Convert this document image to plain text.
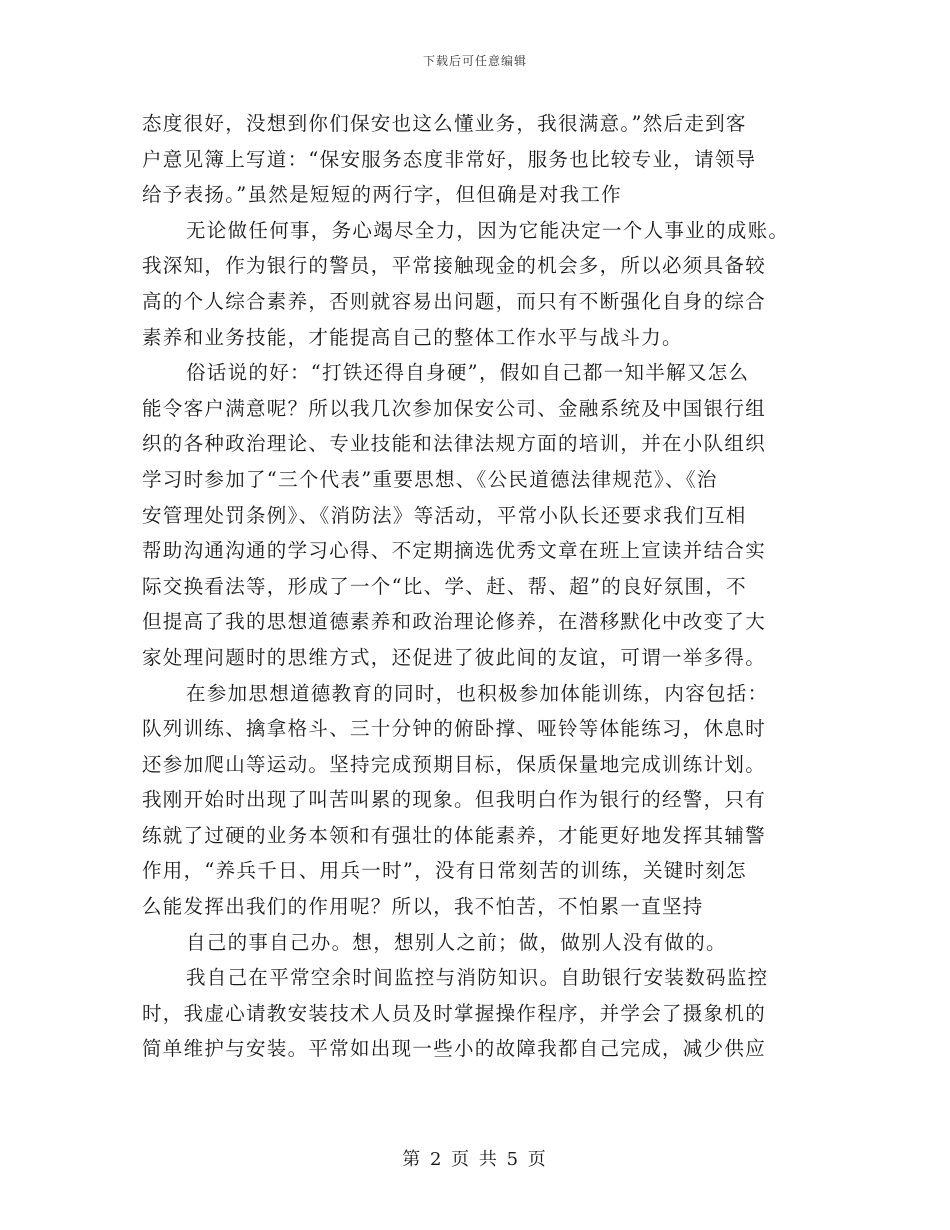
下载后可任意编辑
态度很好，没想到你们保安也这么懂业务，我很满意。”然后走到客
户意见簿上写道：“保安服务态度非常好，服务也比较专业，请领导
给予表扬。”虽然是短短的两行字，但但确是对我工作
无论做任何事，务心竭尽全力，因为它能决定一个人事业的成账。
我深知，作为银行的警员，平常接触现金的机会多，所以必须具备较
高的个人综合素养，否则就容易出问题，而只有不断强化自身的综合
素养和业务技能，才能提高自己的整体工作水平与战斗力。
俗话说的好：“打铁还得自身硬”，假如自己都一知半解又怎么
能令客户满意呢？所以我几次参加保安公司、金融系统及中国银行组
织的各种政治理论、专业技能和法律法规方面的培训，并在小队组织
学习时参加了“三个代表”重要思想、《公民道德法律规范》、《治
安管理处罚条例》、《消防法》等活动，平常小队长还要求我们互相
帮助沟通沟通的学习心得、不定期摘选优秀文章在班上宣读并结合实
际交换看法等，形成了一个“比、学、赶、帮、超”的良好氛围，不
但提高了我的思想道德素养和政治理论修养，在潜移默化中改变了大
家处理问题时的思维方式，还促进了彼此间的友谊，可谓一举多得。
在参加思想道德教育的同时，也积极参加体能训练，内容包括：
队列训练、擒拿格斗、三十分钟的俯卧撑、哑铃等体能练习，休息时
还参加爬山等运动。坚持完成预期目标，保质保量地完成训练计划。
我刚开始时出现了叫苦叫累的现象。但我明白作为银行的经警，只有
练就了过硬的业务本领和有强壮的体能素养，才能更好地发挥其辅警
作用，“养兵千日、用兵一时”，没有日常刻苦的训练，关键时刻怎
么能发挥出我们的作用呢？所以，我不怕苦，不怕累一直坚持
自己的事自己办。想，想别人之前；做，做别人没有做的。
我自己在平常空余时间监控与消防知识。自助银行安装数码监控
时，我虚心请教安装技术人员及时掌握操作程序，并学会了摄象机的
简单维护与安装。平常如出现一些小的故障我都自己完成，减少供应
第 2 页 共 5 页
